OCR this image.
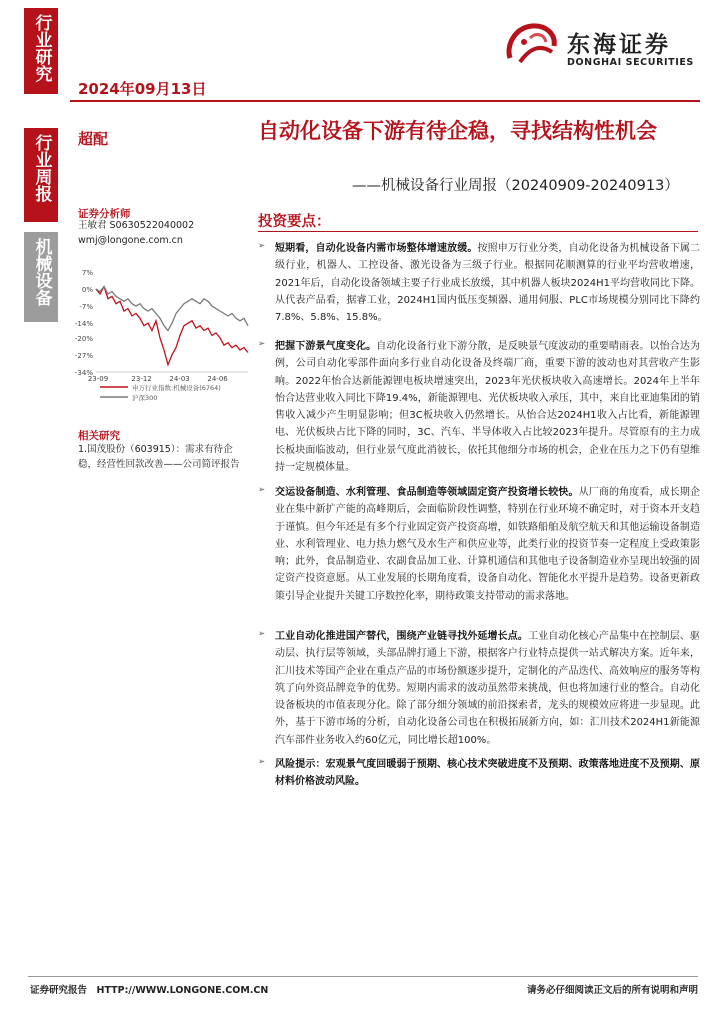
行业研究
行业周报
机械设备
2024年09月13日
东海证券
DONGHAI SECURITIES
超配	自动化设备下游有待企稳，寻找结构性机会
——机械设备行业周报（20240909-20240913）
证券分析师
王敏君 S0630522040002
wmj@longone.com.cn
7%
0%
-7%
-14%
-20%
-27%
-34%
23-09	23-12	24-03	24-06
申万行业指数:机械设备(6764)
沪深300
相关研究
1.国茂股份（603915）：需求有待企稳，经营性回款改善——公司简评报告
投资要点：
➢ 短期看，自动化设备内需市场整体增速放缓。按照申万行业分类，自动化设备为机械设备下属二级行业，机器人、工控设备、激光设备为三级子行业。根据同花顺测算的行业平均营收增速，2021年后，自动化设备领域主要子行业成长放缓，其中机器人板块2024H1平均营收同比下降。从代表产品看，据睿工业，2024H1国内低压变频器、通用伺服、PLC市场规模分别同比下降约7.8%、5.8%、15.8%。

➢ 把握下游景气度变化。自动化设备行业下游分散，是反映景气度波动的重要晴雨表。以怡合达为例，公司自动化零部件面向多行业自动化设备及终端厂商，重要下游的波动也对其营收产生影响。2022年怡合达新能源锂电板块增速突出，2023年光伏板块收入高速增长。2024年上半年怡合达营业收入同比下降19.4%，新能源锂电、光伏板块收入承压，其中，来自比亚迪集团的销售收入减少产生明显影响；但3C板块收入仍然增长。从怡合达2024H1收入占比看，新能源锂电、光伏板块占比下降的同时，3C、汽车、半导体收入占比较2023年提升。尽管原有的主力成长板块面临波动，但行业景气度此消彼长，依托其他细分市场的机会，企业在压力之下仍有望维持一定规模体量。

➢ 交运设备制造、水利管理、食品制造等领域固定资产投资增长较快。从厂商的角度看，成长期企业在集中新扩产能的高峰期后，会面临阶段性调整，特别在行业环境不确定时，对于资本开支趋于谨慎。但今年还是有多个行业固定资产投资高增，如铁路船舶及航空航天和其他运输设备制造业、水利管理业、电力热力燃气及水生产和供应业等，此类行业的投资节奏一定程度上受政策影响；此外，食品制造业、农副食品加工业、计算机通信和其他电子设备制造业亦呈现出较强的固定资产投资意愿。从工业发展的长期角度看，设备自动化、智能化水平提升是趋势。设备更新政策引导企业提升关键工序数控化率，期待政策支持带动的需求落地。

➢ 工业自动化推进国产替代，围绕产业链寻找外延增长点。工业自动化核心产品集中在控制层、驱动层、执行层等领域，头部品牌打通上下游，根据客户行业特点提供一站式解决方案。近年来，汇川技术等国产企业在重点产品的市场份额逐步提升，定制化的产品迭代、高效响应的服务等构筑了向外资品牌竞争的优势。短期内需求的波动虽然带来挑战，但也将加速行业的整合。自动化设备板块的市值表现分化。除了部分细分领域的前沿探索者，龙头的规模效应将进一步显现。此外，基于下游市场的分析，自动化设备公司也在积极拓展新方向，如：汇川技术2024H1新能源汽车部件业务收入约60亿元，同比增长超100%。

➢ 风险提示：宏观景气度回暖弱于预期、核心技术突破进度不及预期、政策落地进度不及预期、原材料价格波动风险。

证券研究报告　HTTP://WWW.LONGONE.COM.CN	请务必仔细阅读正文后的所有说明和声明
